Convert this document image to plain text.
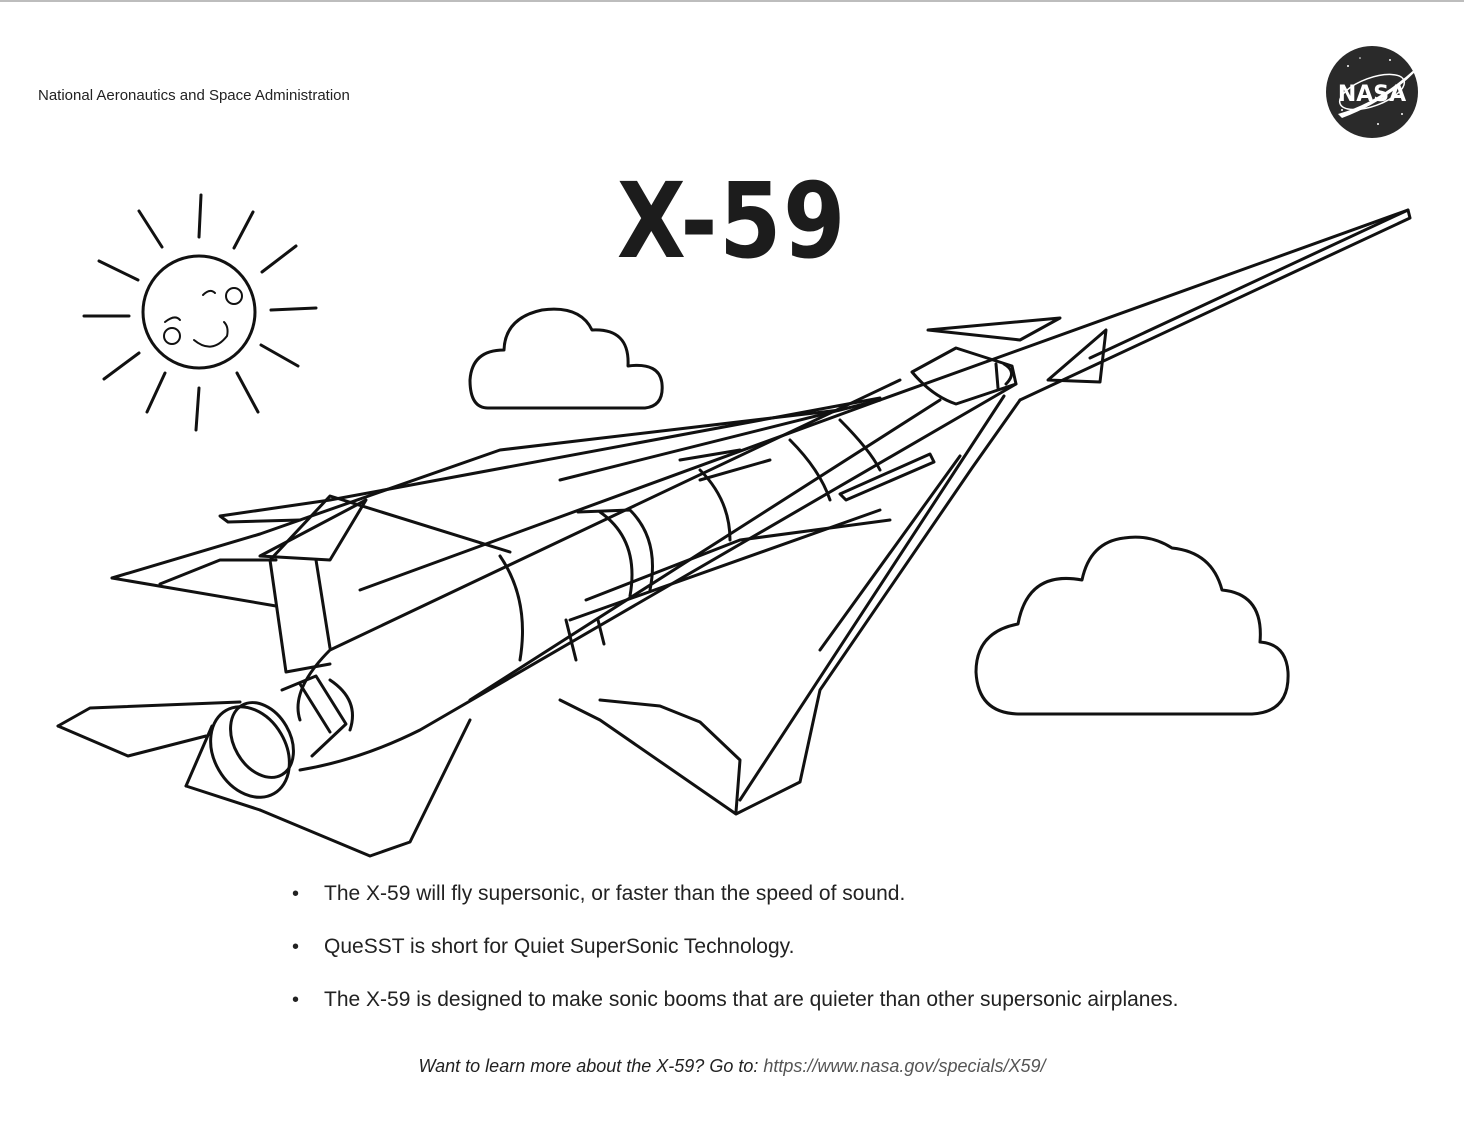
National Aeronautics and Space Administration	NASA
X-59
• The X-59 will fly supersonic, or faster than the speed of sound.
• QueSST is short for Quiet SuperSonic Technology.
• The X-59 is designed to make sonic booms that are quieter than other supersonic airplanes.
Want to learn more about the X-59? Go to: https://www.nasa.gov/specials/X59/
